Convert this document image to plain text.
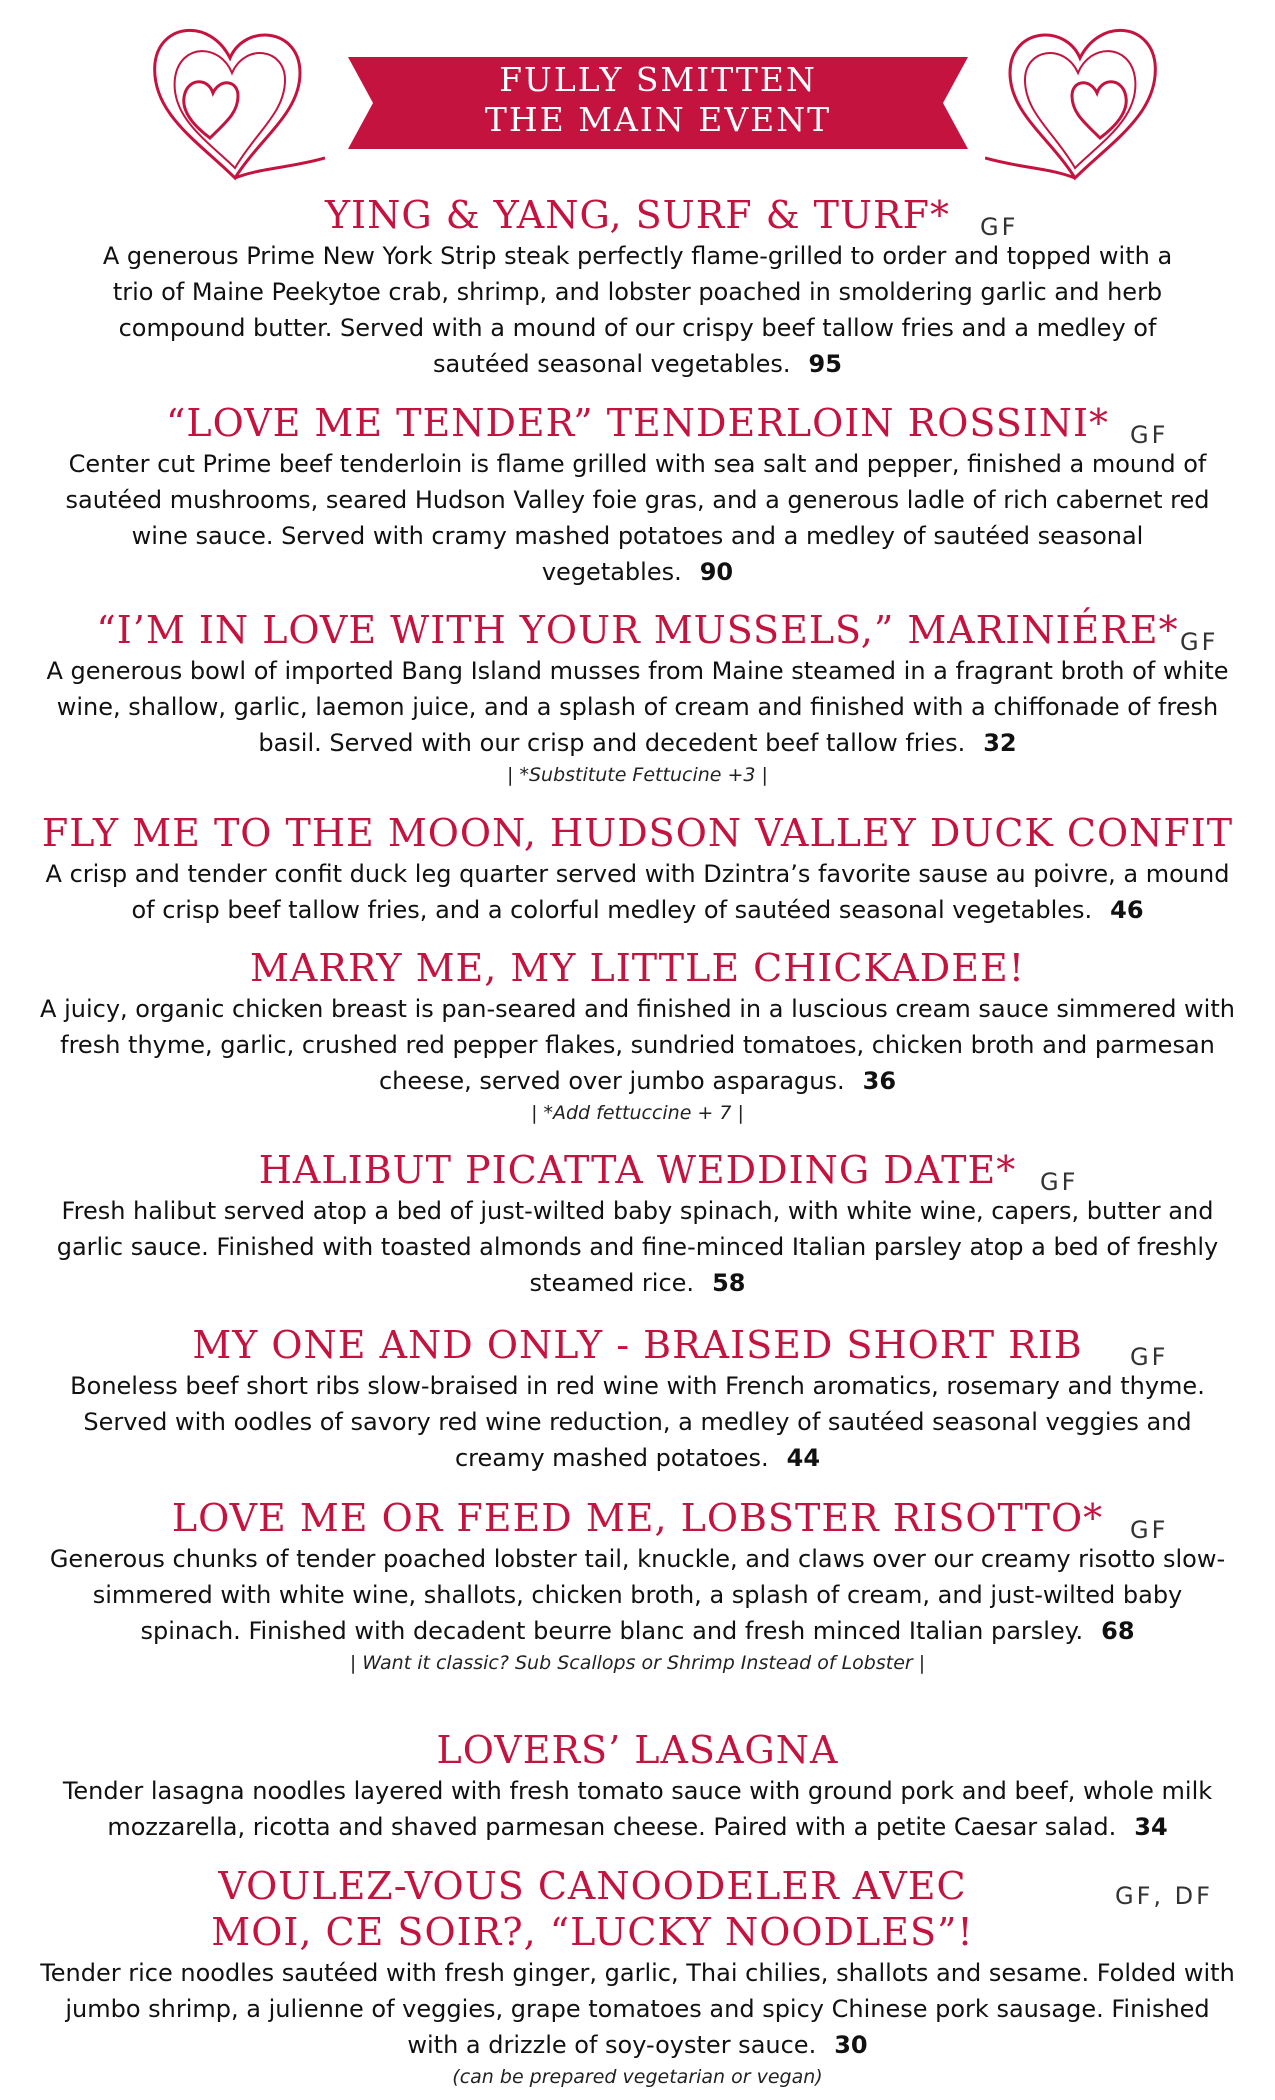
FULLY SMITTEN
THE MAIN EVENT
YING & YANG, SURF & TURF* GF
A generous Prime New York Strip steak perfectly flame-grilled to order and topped with a trio of Maine Peekytoe crab, shrimp, and lobster poached in smoldering garlic and herb compound butter. Served with a mound of our crispy beef tallow fries and a medley of sautéed seasonal vegetables. 95
“LOVE ME TENDER” TENDERLOIN ROSSINI* GF
Center cut Prime beef tenderloin is flame grilled with sea salt and pepper, finished a mound of sautéed mushrooms, seared Hudson Valley foie gras, and a generous ladle of rich cabernet red wine sauce. Served with cramy mashed potatoes and a medley of sautéed seasonal vegetables. 90
“I’M IN LOVE WITH YOUR MUSSELS,” MARINIÉRE* GF
A generous bowl of imported Bang Island musses from Maine steamed in a fragrant broth of white wine, shallow, garlic, laemon juice, and a splash of cream and finished with a chiffonade of fresh basil. Served with our crisp and decedent beef tallow fries. 32
| *Substitute Fettucine +3 |
FLY ME TO THE MOON, HUDSON VALLEY DUCK CONFIT
A crisp and tender confit duck leg quarter served with Dzintra’s favorite sause au poivre, a mound of crisp beef tallow fries, and a colorful medley of sautéed seasonal vegetables. 46
MARRY ME, MY LITTLE CHICKADEE!
A juicy, organic chicken breast is pan-seared and finished in a luscious cream sauce simmered with fresh thyme, garlic, crushed red pepper flakes, sundried tomatoes, chicken broth and parmesan cheese, served over jumbo asparagus. 36
| *Add fettuccine + 7 |
HALIBUT PICATTA WEDDING DATE* GF
Fresh halibut served atop a bed of just-wilted baby spinach, with white wine, capers, butter and garlic sauce. Finished with toasted almonds and fine-minced Italian parsley atop a bed of freshly steamed rice. 58
MY ONE AND ONLY - BRAISED SHORT RIB GF
Boneless beef short ribs slow-braised in red wine with French aromatics, rosemary and thyme. Served with oodles of savory red wine reduction, a medley of sautéed seasonal veggies and creamy mashed potatoes. 44
LOVE ME OR FEED ME, LOBSTER RISOTTO* GF
Generous chunks of tender poached lobster tail, knuckle, and claws over our creamy risotto slow-simmered with white wine, shallots, chicken broth, a splash of cream, and just-wilted baby spinach. Finished with decadent beurre blanc and fresh minced Italian parsley. 68
| Want it classic? Sub Scallops or Shrimp Instead of Lobster |
LOVERS’ LASAGNA
Tender lasagna noodles layered with fresh tomato sauce with ground pork and beef, whole milk mozzarella, ricotta and shaved parmesan cheese. Paired with a petite Caesar salad. 34
VOULEZ-VOUS CANOODELER AVEC MOI, CE SOIR?, “LUCKY NOODLES”!
GF, DF
Tender rice noodles sautéed with fresh ginger, garlic, Thai chilies, shallots and sesame. Folded with jumbo shrimp, a julienne of veggies, grape tomatoes and spicy Chinese pork sausage. Finished with a drizzle of soy-oyster sauce. 30
(can be prepared vegetarian or vegan)
